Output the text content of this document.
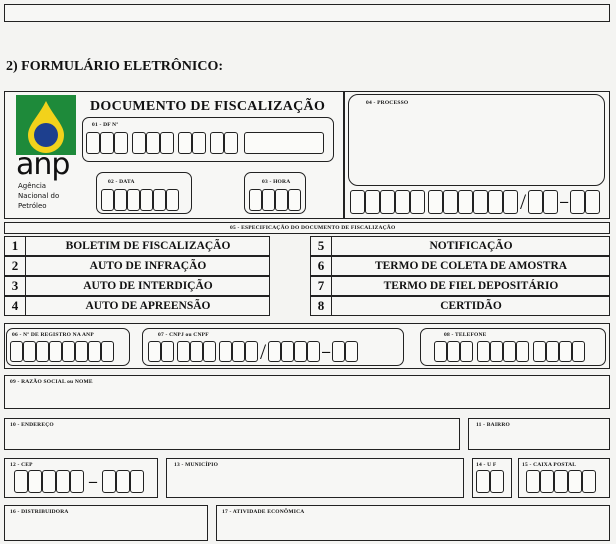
2) FORMULÁRIO ELETRÔNICO:
anp
Agência
Nacional do
Petróleo
DOCUMENTO DE FISCALIZAÇÃO
01 - DF Nº
02 - DATA	03 - HORA
04 - PROCESSO
/ –
05 - ESPECIFICAÇÃO DO DOCUMENTO DE FISCALIZAÇÃO
1	BOLETIM DE FISCALIZAÇÃO
2	AUTO DE INFRAÇÃO
3	AUTO DE INTERDIÇÃO
4	AUTO DE APREENSÃO
5	NOTIFICAÇÃO
6	TERMO DE COLETA DE AMOSTRA
7	TERMO DE FIEL DEPOSITÁRIO
8	CERTIDÃO
06 - Nº DE REGISTRO NA ANP	07 - CNPJ ou CNPF
/	–
08 - TELEFONE
09 - RAZÃO SOCIAL ou NOME
10 - ENDEREÇO	11 - BAIRRO
12 - CEP
–
13 - MUNICÍPIO	14 - U F	15 - CAIXA POSTAL
16 - DISTRIBUIDORA	17 - ATIVIDADE ECONÔMICA
